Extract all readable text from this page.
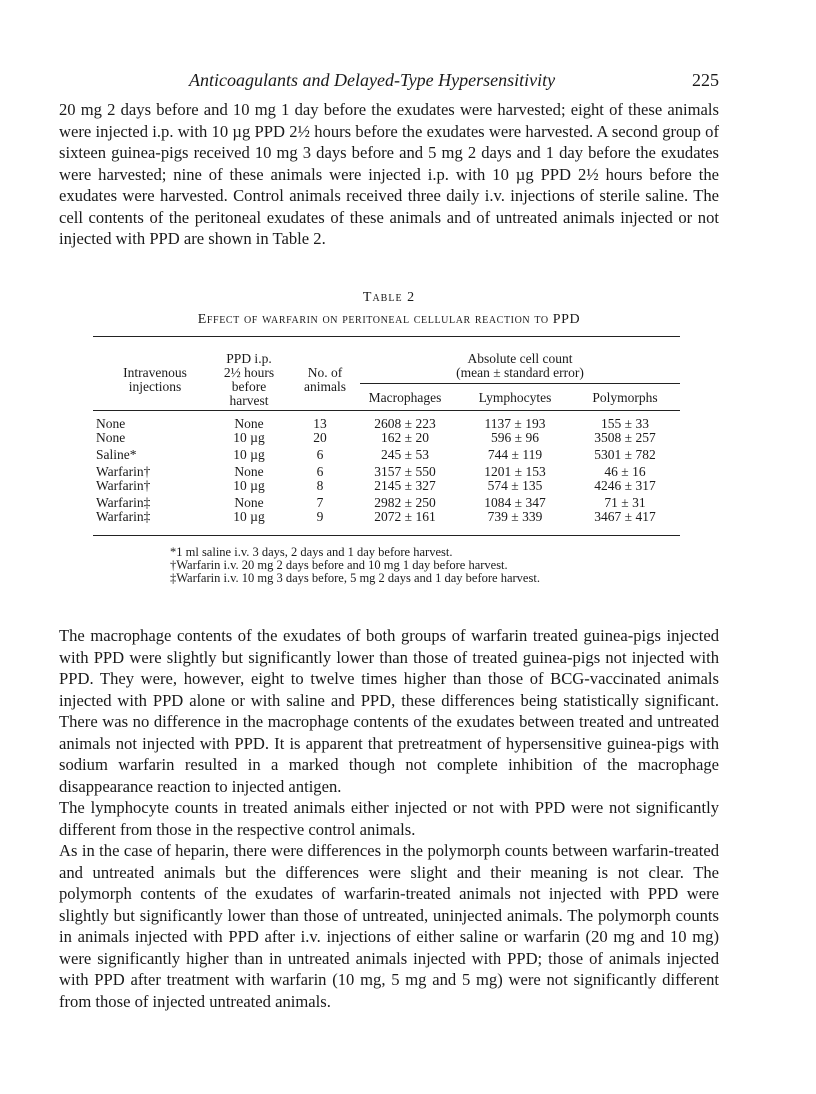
Anticoagulants and Delayed-Type Hypersensitivity	225

20 mg 2 days before and 10 mg 1 day before the exudates were harvested; eight of these animals were injected i.p. with 10 µg PPD 2½ hours before the exudates were harvested. A second group of sixteen guinea-pigs received 10 mg 3 days before and 5 mg 2 days and 1 day before the exudates were harvested; nine of these animals were injected i.p. with 10 µg PPD 2½ hours before the exudates were harvested. Control animals received three daily i.v. injections of sterile saline. The cell contents of the peritoneal exudates of these animals and of untreated animals injected or not injected with PPD are shown in Table 2.

Table 2
Effect of warfarin on peritoneal cellular reaction to PPD
Intravenous
injections
PPD i.p.
2½ hours
before
harvest
No. of
animals
Absolute cell count
(mean ± standard error)
Macrophages	Lymphocytes	Polymorphs
None	None	13	2608 ± 223	1137 ± 193	155 ± 33
None	10 µg	20	162 ± 20	596 ± 96	3508 ± 257
Saline*	10 µg	6	245 ± 53	744 ± 119	5301 ± 782
Warfarin†	None	6	3157 ± 550	1201 ± 153	46 ± 16
Warfarin†	10 µg	8	2145 ± 327	574 ± 135	4246 ± 317
Warfarin‡	None	7	2982 ± 250	1084 ± 347	71 ± 31
Warfarin‡	10 µg	9	2072 ± 161	739 ± 339	3467 ± 417
*1 ml saline i.v. 3 days, 2 days and 1 day before harvest.
†Warfarin i.v. 20 mg 2 days before and 10 mg 1 day before harvest.
‡Warfarin i.v. 10 mg 3 days before, 5 mg 2 days and 1 day before harvest.

The macrophage contents of the exudates of both groups of warfarin treated guinea-pigs injected with PPD were slightly but significantly lower than those of treated guinea-pigs not injected with PPD. They were, however, eight to twelve times higher than those of BCG-vaccinated animals injected with PPD alone or with saline and PPD, these differences being statistically significant. There was no difference in the macrophage contents of the exudates between treated and untreated animals not injected with PPD. It is apparent that pretreatment of hypersensitive guinea-pigs with sodium warfarin resulted in a marked though not complete inhibition of the macrophage disappearance reaction to injected antigen.

The lymphocyte counts in treated animals either injected or not with PPD were not significantly different from those in the respective control animals.

As in the case of heparin, there were differences in the polymorph counts between warfarin-treated and untreated animals but the differences were slight and their meaning is not clear. The polymorph contents of the exudates of warfarin-treated animals not injected with PPD were slightly but significantly lower than those of untreated, uninjected animals. The polymorph counts in animals injected with PPD after i.v. injections of either saline or warfarin (20 mg and 10 mg) were significantly higher than in untreated animals injected with PPD; those of animals injected with PPD after treatment with warfarin (10 mg, 5 mg and 5 mg) were not significantly different from those of injected untreated animals.
